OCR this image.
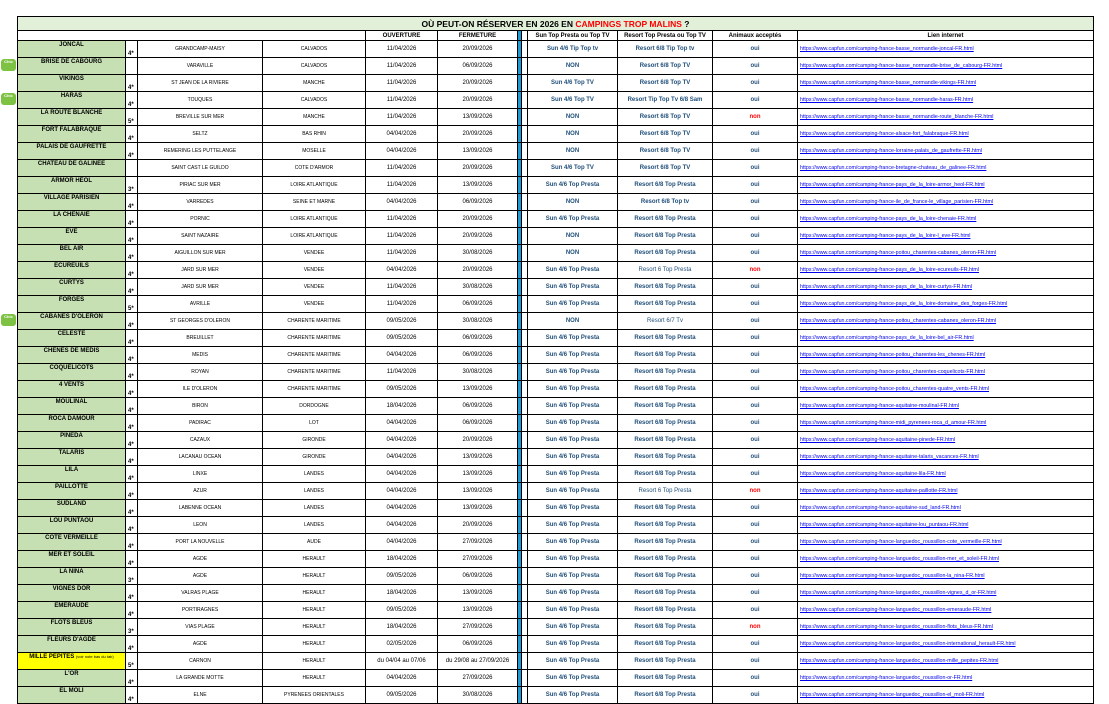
OÙ PEUT-ON RÉSERVER EN 2026 EN CAMPINGS TROP MALINS ?											
				OUVERTURE	FERMETURE			Sun Top Presta ou Top TV	Resort Top Presta ou Top TV	Animaux acceptés	Lien internet
JONCAL	4*	GRANDCAMP-MAISY	CALVADOS	11/04/2026	20/09/2026			Sun 4/6 Tip Top tv	Resort 6/8 Tip Top tv	oui	https://www.capfun.com/camping-france-basse_normandie-joncal-FR.html

Chic BRISE DE CABOURG		VARAVILLE	CALVADOS	11/04/2026	06/09/2026			NON	Resort 6/8 Top TV	oui	https://www.capfun.com/camping-france-basse_normandie-brise_de_cabourg-FR.html
VIKINGS	4*	ST JEAN DE LA RIVIERE	MANCHE	11/04/2026	20/09/2026			Sun 4/6 Top TV	Resort 6/8 Top TV	oui	https://www.capfun.com/camping-france-basse_normandie-vikings-FR.html

Chic HARAS	4*	TOUQUES	CALVADOS	11/04/2026	20/09/2026			Sun 4/6 Top TV	Resort Tip Top Tv 6/8 Sam	oui	https://www.capfun.com/camping-france-basse_normandie-haras-FR.html
LA ROUTE BLANCHE	5*	BREVILLE SUR MER	MANCHE	11/04/2026	13/09/2026			NON	Resort 6/8 Top TV	non	https://www.capfun.com/camping-france-basse_normandie-route_blanche-FR.html
FORT FALABRAQUE	4*	SELTZ	BAS RHIN	04/04/2026	20/09/2026			NON	Resort 6/8 Top TV	oui	https://www.capfun.com/camping-france-alsace-fort_falabraque-FR.html
PALAIS DE GAUFRETTE	4*	REMERING LES PUTTELANGE	MOSELLE	04/04/2026	13/09/2026			NON	Resort 6/8 Top TV	oui	https://www.capfun.com/camping-france-lorraine-palais_de_gaufrette-FR.html
CHATEAU DE GALINEE		SAINT CAST LE GUILDO	COTE D'ARMOR	11/04/2026	20/09/2026			Sun 4/6 Top TV	Resort 6/8 Top TV	oui	https://www.capfun.com/camping-france-bretagne-chateau_de_galinee-FR.html
ARMOR HEOL	3*	PIRIAC SUR MER	LOIRE ATLANTIQUE	11/04/2026	13/09/2026			Sun 4/6 Top Presta	Resort 6/8 Top Presta	oui	https://www.capfun.com/camping-france-pays_de_la_loire-armor_heol-FR.html
VILLAGE PARISIEN	4*	VARREDES	SEINE ET MARNE	04/04/2026	06/09/2026			NON	Resort 6/8 Top tv	oui	https://www.capfun.com/camping-france-ile_de_france-le_village_parisien-FR.html
LA CHENAIE	4*	PORNIC	LOIRE ATLANTIQUE	11/04/2026	20/09/2026			Sun 4/6 Top Presta	Resort 6/8 Top Presta	oui	https://www.capfun.com/camping-france-pays_de_la_loire-chenaie-FR.html
EVE	4*	SAINT NAZAIRE	LOIRE ATLANTIQUE	11/04/2026	20/09/2026			NON	Resort 6/8 Top Presta	oui	https://www.capfun.com/camping-france-pays_de_la_loire-l_eve-FR.html
BEL AIR	4*	AIGUILLON SUR MER	VENDEE	11/04/2026	30/08/2026			NON	Resort 6/8 Top Presta	oui	https://www.capfun.com/camping-france-poitou_charentes-cabanes_oleron-FR.html
ECUREUILS	4*	JARD SUR MER	VENDEE	04/04/2026	20/09/2026			Sun 4/6 Top Presta	Resort 6 Top Presta	non	https://www.capfun.com/camping-france-pays_de_la_loire-ecureuils-FR.html
CURTYS	4*	JARD SUR MER	VENDEE	11/04/2026	30/08/2026			Sun 4/6 Top Presta	Resort 6/8 Top Presta	oui	https://www.capfun.com/camping-france-pays_de_la_loire-curtys-FR.html
FORGES	5*	AVRILLE	VENDEE	11/04/2026	06/09/2026			Sun 4/6 Top Presta	Resort 6/8 Top Presta	oui	https://www.capfun.com/camping-france-pays_de_la_loire-domaine_des_forges-FR.html

Chic CABANES D'OLERON	4*	ST GEORGES D'OLERON	CHARENTE MARITIME	09/05/2026	30/08/2026			NON	Resort 6/7 Tv	oui	https://www.capfun.com/camping-france-poitou_charentes-cabanes_oleron-FR.html
CELESTE	4*	BREUILLET	CHARENTE MARITIME	09/05/2026	06/09/2026			Sun 4/6 Top Presta	Resort 6/8 Top Presta	oui	https://www.capfun.com/camping-france-pays_de_la_loire-bel_air-FR.html
CHENES DE MEDIS	4*	MEDIS	CHARENTE MARITIME	04/04/2026	06/09/2026			Sun 4/6 Top Presta	Resort 6/8 Top Presta	oui	https://www.capfun.com/camping-france-poitou_charentes-les_chenes-FR.html
COQUELICOTS	4*	ROYAN	CHARENTE MARITIME	11/04/2026	30/08/2026			Sun 4/6 Top Presta	Resort 6/8 Top Presta	oui	https://www.capfun.com/camping-france-poitou_charentes-coquelicots-FR.html
4 VENTS	4*	ILE D'OLERON	CHARENTE MARITIME	09/05/2026	13/09/2026			Sun 4/6 Top Presta	Resort 6/8 Top Presta	oui	https://www.capfun.com/camping-france-poitou_charentes-quatre_vents-FR.html
MOULINAL	4*	BIRON	DORDOGNE	18/04/2026	06/09/2026			Sun 4/6 Top Presta	Resort 6/8 Top Presta	oui	https://www.capfun.com/camping-france-aquitaine-moulinal-FR.html
ROCA DAMOUR	4*	PADIRAC	LOT	04/04/2026	06/09/2026			Sun 4/6 Top Presta	Resort 6/8 Top Presta	oui	https://www.capfun.com/camping-france-midi_pyrenees-roca_d_amour-FR.html
PINEDA	4*	CAZAUX	GIRONDE	04/04/2026	20/09/2026			Sun 4/6 Top Presta	Resort 6/8 Top Presta	oui	https://www.capfun.com/camping-france-aquitaine-pinede-FR.html
TALARIS	4*	LACANAU OCEAN	GIRONDE	04/04/2026	13/09/2026			Sun 4/6 Top Presta	Resort 6/8 Top Presta	oui	https://www.capfun.com/camping-france-aquitaine-talaris_vacances-FR.html
LILA	4*	LINXE	LANDES	04/04/2026	13/09/2026			Sun 4/6 Top Presta	Resort 6/8 Top Presta	oui	https://www.capfun.com/camping-france-aquitaine-lila-FR.html
PAILLOTTE	4*	AZUR	LANDES	04/04/2026	13/09/2026			Sun 4/6 Top Presta	Resort 6 Top Presta	non	https://www.capfun.com/camping-france-aquitaine-paillotte-FR.html
SUDLAND	4*	LABENNE OCEAN	LANDES	04/04/2026	13/09/2026			Sun 4/6 Top Presta	Resort 6/8 Top Presta	oui	https://www.capfun.com/camping-france-aquitaine-sud_land-FR.html
LOU PUNTAOU	4*	LEON	LANDES	04/04/2026	20/09/2026			Sun 4/6 Top Presta	Resort 6/8 Top Presta	oui	https://www.capfun.com/camping-france-aquitaine-lou_puntaou-FR.html
COTE VERMEILLE	4*	PORT LA NOUVELLE	AUDE	04/04/2026	27/09/2026			Sun 4/6 Top Presta	Resort 6/8 Top Presta	oui	https://www.capfun.com/camping-france-languedoc_roussillon-cote_vermeille-FR.html
MER ET SOLEIL	4*	AGDE	HERAULT	18/04/2026	27/09/2026			Sun 4/6 Top Presta	Resort 6/8 Top Presta	oui	https://www.capfun.com/camping-france-languedoc_roussillon-mer_et_soleil-FR.html
LA NINA	3*	AGDE	HERAULT	09/05/2026	06/09/2026			Sun 4/6 Top Presta	Resort 6/8 Top Presta	oui	https://www.capfun.com/camping-france-languedoc_roussillon-la_nina-FR.html
VIGNES DOR	4*	VALRAS PLAGE	HERAULT	18/04/2026	13/09/2026			Sun 4/6 Top Presta	Resort 6/8 Top Presta	oui	https://www.capfun.com/camping-france-languedoc_roussillon-vignes_d_or-FR.html
EMERAUDE	4*	PORTIRAGNES	HERAULT	09/05/2026	13/09/2026			Sun 4/6 Top Presta	Resort 6/8 Top Presta	oui	https://www.capfun.com/camping-france-languedoc_roussillon-emeraude-FR.html
FLOTS BLEUS	3*	VIAS PLAGE	HERAULT	18/04/2026	27/09/2026			Sun 4/6 Top Presta	Resort 6/8 Top Presta	non	https://www.capfun.com/camping-france-languedoc_roussillon-flots_bleus-FR.html
FLEURS D'AGDE	4*	AGDE	HERAULT	02/05/2026	06/09/2026			Sun 4/6 Top Presta	Resort 6/8 Top Presta	oui	https://www.capfun.com/camping-france-languedoc_roussillon-international_herault-FR.html
MILLE PEPITES (voir note bas du tab)	5*	CARNON	HERAULT	du 04/04 au 07/06	du 29/08 au 27/09/2026			Sun 4/6 Top Presta	Resort 6/8 Top Presta	oui	https://www.capfun.com/camping-france-languedoc_roussillon-mille_pepites-FR.html
L'OR	4*	LA GRANDE MOTTE	HERAULT	04/04/2026	27/09/2026			Sun 4/6 Top Presta	Resort 6/8 Top Presta	oui	https://www.capfun.com/camping-france-languedoc_roussillon-or-FR.html
EL MOLI	4*	ELNE	PYRENEES ORIENTALES	09/05/2026	30/08/2026			Sun 4/6 Top Presta	Resort 6/8 Top Presta	oui	https://www.capfun.com/camping-france-languedoc_roussillon-el_moli-FR.html
